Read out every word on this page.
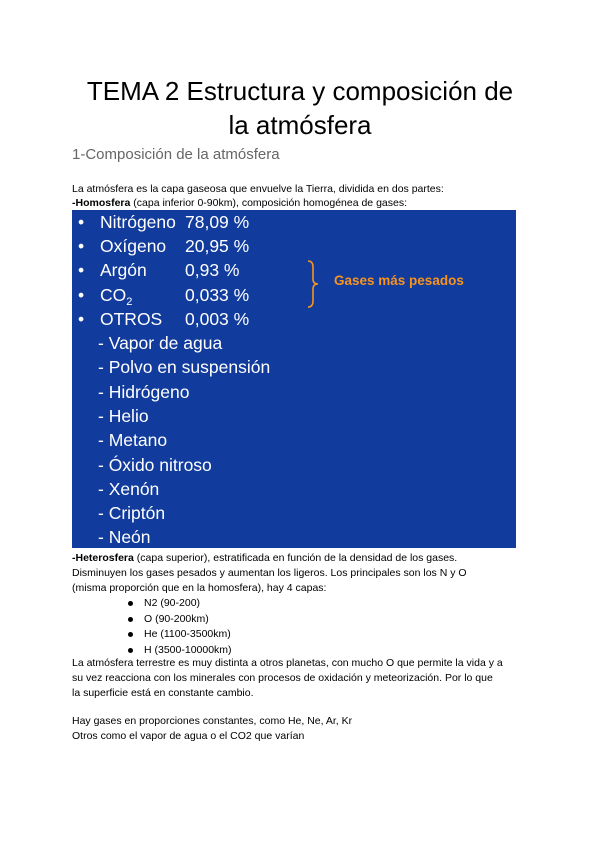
TEMA 2 Estructura y composición de
la atmósfera
1-Composición de la atmósfera
La atmósfera es la capa gaseosa que envuelve la Tierra, dividida en dos partes:
-Homosfera (capa inferior 0-90km), composición homogénea de gases:
• Nitrógeno 78,09 %
• Oxígeno 20,95 %
• Argón 0,93 %
• $CO_2$	0,033 %
• OTROS 0,003 %
- Vapor de agua
- Polvo en suspensión
- Hidrógeno
- Helio
- Metano
- Óxido nitroso
- Xenón
- Criptón
- Neón
Gases más pesados
-Heterosfera (capa superior), estratificada en función de la densidad de los gases.
Disminuyen los gases pesados y aumentan los ligeros. Los principales son los N y O
(misma proporción que en la homosfera), hay 4 capas:
N2 (90-200)
O (90-200km)
He (1100-3500km)
H (3500-10000km)
La atmósfera terrestre es muy distinta a otros planetas, con mucho O que permite la vida y a
su vez reacciona con los minerales con procesos de oxidación y meteorización. Por lo que
la superficie está en constante cambio.
Hay gases en proporciones constantes, como He, Ne, Ar, Kr
Otros como el vapor de agua o el CO2 que varían
